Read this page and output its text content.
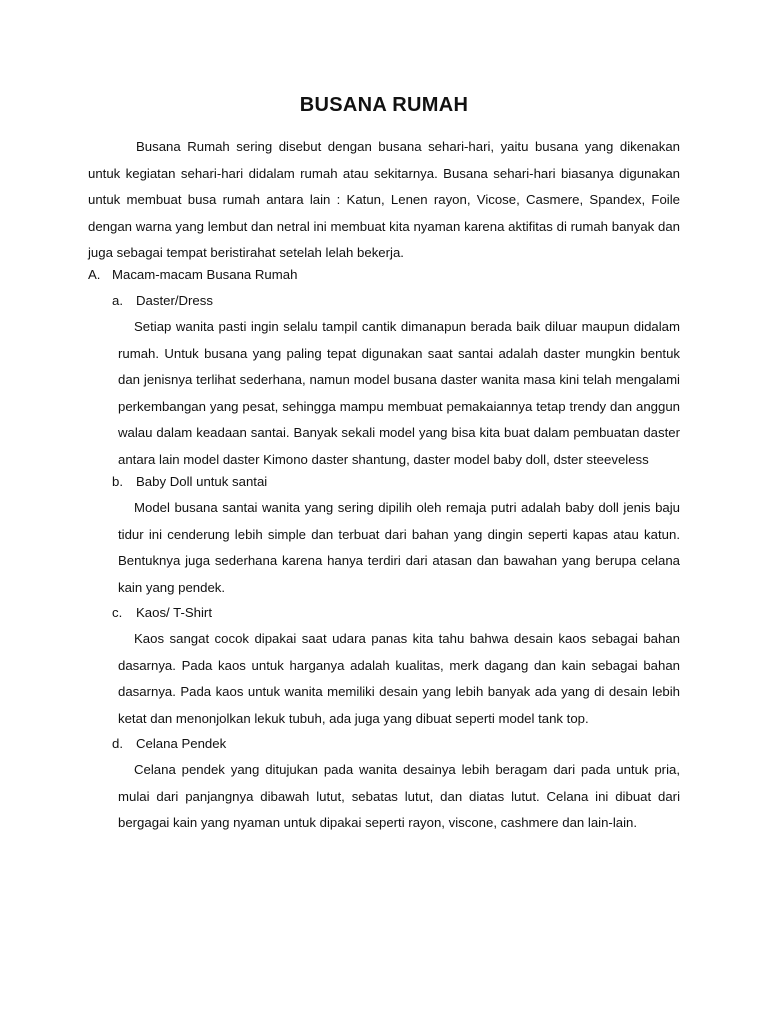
BUSANA RUMAH

Busana Rumah sering disebut dengan busana sehari-hari, yaitu busana yang dikenakan untuk kegiatan sehari-hari didalam rumah atau sekitarnya. Busana sehari-hari biasanya digunakan untuk membuat busa rumah antara lain : Katun, Lenen rayon, Vicose, Casmere, Spandex, Foile dengan warna yang lembut dan netral ini membuat kita nyaman karena aktifitas di rumah banyak dan juga sebagai tempat beristirahat setelah lelah bekerja.

A. Macam-macam Busana Rumah

a. Daster/Dress

Setiap wanita pasti ingin selalu tampil cantik dimanapun berada baik diluar maupun didalam rumah. Untuk busana yang paling tepat digunakan saat santai adalah daster mungkin bentuk dan jenisnya terlihat sederhana, namun model busana daster wanita masa kini telah mengalami perkembangan yang pesat, sehingga mampu membuat pemakaiannya tetap trendy dan anggun walau dalam keadaan santai. Banyak sekali model yang bisa kita buat dalam pembuatan daster antara lain model daster Kimono daster shantung, daster model baby doll, dster steeveless

b. Baby Doll untuk santai

Model busana santai wanita yang sering dipilih oleh remaja putri adalah baby doll jenis baju tidur ini cenderung lebih simple dan terbuat dari bahan yang dingin seperti kapas atau katun. Bentuknya juga sederhana karena hanya terdiri dari atasan dan bawahan yang berupa celana kain yang pendek.

c. Kaos/ T-Shirt

Kaos sangat cocok dipakai saat udara panas kita tahu bahwa desain kaos sebagai bahan dasarnya. Pada kaos untuk harganya adalah kualitas, merk dagang dan kain sebagai bahan dasarnya. Pada kaos untuk wanita memiliki desain yang lebih banyak ada yang di desain lebih ketat dan menonjolkan lekuk tubuh, ada juga yang dibuat seperti model tank top.

d. Celana Pendek

Celana pendek yang ditujukan pada wanita desainya lebih beragam dari pada untuk pria, mulai dari panjangnya dibawah lutut, sebatas lutut, dan diatas lutut. Celana ini dibuat dari bergagai kain yang nyaman untuk dipakai seperti rayon, viscone, cashmere dan lain-lain.
